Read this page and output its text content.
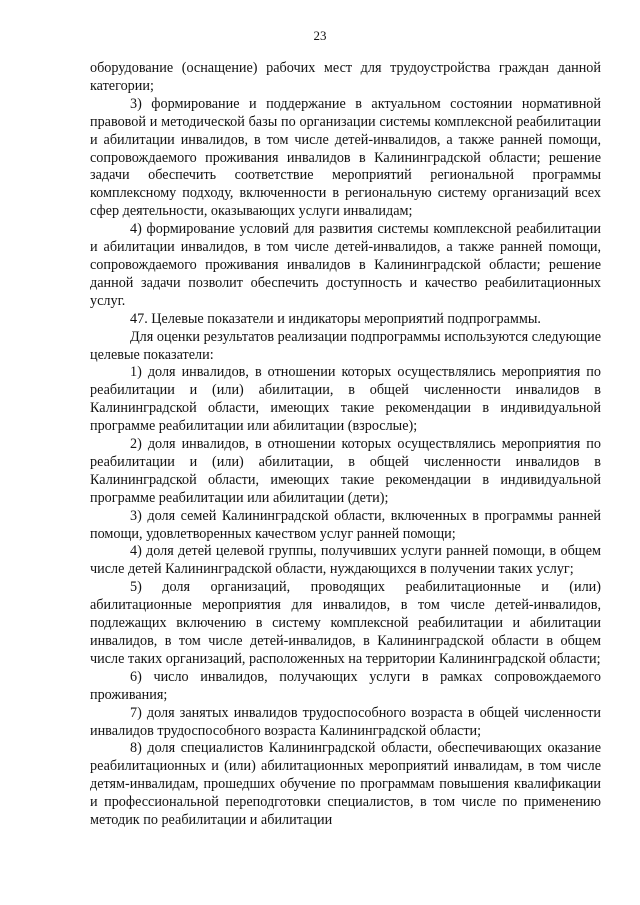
23

оборудование (оснащение) рабочих мест для трудоустройства граждан данной категории;

3) формирование и поддержание в актуальном состоянии нормативной правовой и методической базы по организации системы комплексной реабилитации и абилитации инвалидов, в том числе детей-инвалидов, а также ранней помощи, сопровождаемого проживания инвалидов в Калининградской области; решение задачи обеспечить соответствие мероприятий региональной программы комплексному подходу, включенности в региональную систему организаций всех сфер деятельности, оказывающих услуги инвалидам;

4) формирование условий для развития системы комплексной реабилитации и абилитации инвалидов, в том числе детей-инвалидов, а также ранней помощи, сопровождаемого проживания инвалидов в Калининградской области; решение данной задачи позволит обеспечить доступность и качество реабилитационных услуг.

47. Целевые показатели и индикаторы мероприятий подпрограммы.

Для оценки результатов реализации подпрограммы используются следующие целевые показатели:

1) доля инвалидов, в отношении которых осуществлялись мероприятия по реабилитации и (или) абилитации, в общей численности инвалидов в Калининградской области, имеющих такие рекомендации в индивидуальной программе реабилитации или абилитации (взрослые);

2) доля инвалидов, в отношении которых осуществлялись мероприятия по реабилитации и (или) абилитации, в общей численности инвалидов в Калининградской области, имеющих такие рекомендации в индивидуальной программе реабилитации или абилитации (дети);

3) доля семей Калининградской области, включенных в программы ранней помощи, удовлетворенных качеством услуг ранней помощи;

4) доля детей целевой группы, получивших услуги ранней помощи, в общем числе детей Калининградской области, нуждающихся в получении таких услуг;

5) доля организаций, проводящих реабилитационные и (или) абилитационные мероприятия для инвалидов, в том числе детей-инвалидов, подлежащих включению в систему комплексной реабилитации и абилитации инвалидов, в том числе детей-инвалидов, в Калининградской области в общем числе таких организаций, расположенных на территории Калининградской области;

6) число инвалидов, получающих услуги в рамках сопровождаемого проживания;

7) доля занятых инвалидов трудоспособного возраста в общей численности инвалидов трудоспособного возраста Калининградской области;

8) доля специалистов Калининградской области, обеспечивающих оказание реабилитационных и (или) абилитационных мероприятий инвалидам, в том числе детям-инвалидам, прошедших обучение по программам повышения квалификации и профессиональной переподготовки специалистов, в том числе по применению методик по реабилитации и абилитации
